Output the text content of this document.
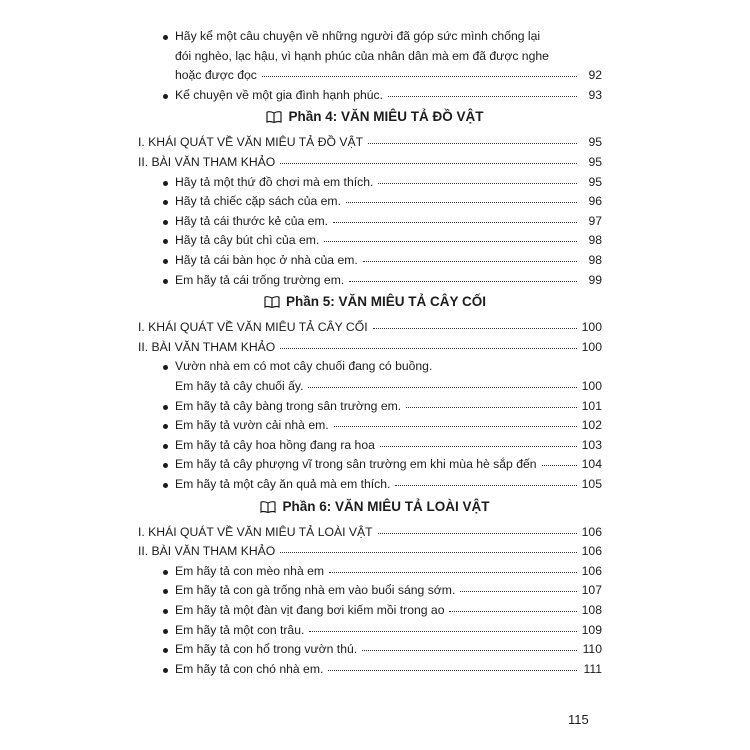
Hãy kể một câu chuyện về những người đã góp sức mình chống lại
đói nghèo, lạc hậu, vì hạnh phúc của nhân dân mà em đã được nghe
hoặc được đọc	92
Kể chuyện về một gia đình hạnh phúc.	93
Phần 4: VĂN MIÊU TẢ ĐỒ VẬT
I. KHÁI QUÁT VỀ VĂN MIÊU TẢ ĐỒ VẬT	95
II. BÀI VĂN THAM KHẢO	95
Hãy tả một thứ đồ chơi mà em thích.	95
Hãy tả chiếc cặp sách của em.	96
Hãy tả cái thước kẻ của em.	97
Hãy tả cây bút chì của em.	98
Hãy tả cái bàn học ở nhà của em.	98
Em hãy tả cái trống trường em.	99
Phần 5: VĂN MIÊU TẢ CÂY CỐI
I. KHÁI QUÁT VỀ VĂN MIÊU TẢ CÂY CỐI	100
II. BÀI VĂN THAM KHẢO	100
Vườn nhà em có mot cây chuối đang có buồng.
Em hãy tả cây chuối ấy.	100
Em hãy tả cây bàng trong sân trường em.	101
Em hãy tả vườn cải nhà em.	102
Em hãy tả cây hoa hồng đang ra hoa	103
Em hãy tả cây phượng vĩ trong sân trường em khi mùa hè sắp đến	104
Em hãy tả một cây ăn quả mà em thích.	105
Phần 6: VĂN MIÊU TẢ LOÀI VẬT
I. KHÁI QUÁT VỀ VĂN MIÊU TẢ LOÀI VẬT	106
II. BÀI VĂN THAM KHẢO	106
Em hãy tả con mèo nhà em	106
Em hãy tả con gà trống nhà em vào buổi sáng sớm.	107
Em hãy tả một đàn vịt đang bơi kiếm mồi trong ao	108
Em hãy tả một con trâu.	109
Em hãy tả con hổ trong vườn thú.	110
Em hãy tả con chó nhà em.	111
115
